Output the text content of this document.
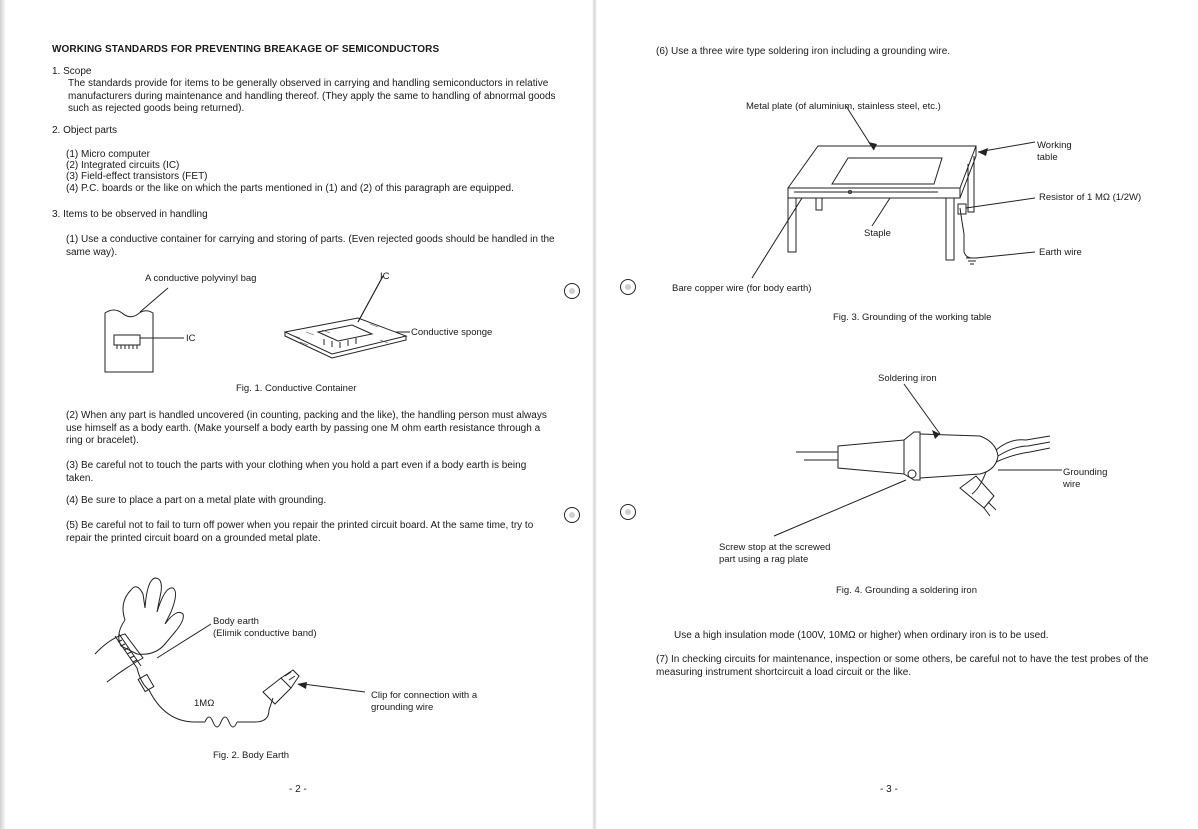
WORKING STANDARDS FOR PREVENTING BREAKAGE OF SEMICONDUCTORS

1. Scope

The standards provide for items to be generally observed in carrying and handling semiconductors in relative manufacturers during maintenance and handling thereof. (They apply the same to handling of abnormal goods such as rejected goods being returned).

2. Object parts

(1) Micro computer

(2) Integrated circuits (IC)

(3) Field-effect transistors (FET)

(4) P.C. boards or the like on which the parts mentioned in (1) and (2) of this paragraph are equipped.

3. Items to be observed in handling

(1) Use a conductive container for carrying and storing of parts. (Even rejected goods should be handled in the same way).

A conductive polyvinyl bag	IC

IC

Conductive sponge

Fig. 1. Conductive Container

(2) When any part is handled uncovered (in counting, packing and the like), the handling person must always use himself as a body earth. (Make yourself a body earth by passing one M ohm earth resistance through a ring or bracelet).

(3) Be careful not to touch the parts with your clothing when you hold a part even if a body earth is being taken.

(4) Be sure to place a part on a metal plate with grounding.

(5) Be careful not to fail to turn off power when you repair the printed circuit board. At the same time, try to repair the printed circuit board on a grounded metal plate.

Body earth

(Elimik conductive band)

1MΩ

Clip for connection with a

grounding wire

Fig. 2. Body Earth

- 2 -

(6) Use a three wire type soldering iron including a grounding wire.

Metal plate (of aluminium, stainless steel, etc.)

Working

table

Resistor of 1 MΩ (1/2W)

Staple

Earth wire

Bare copper wire (for body earth)

Fig. 3. Grounding of the working table

Soldering iron

Grounding

wire

Screw stop at the screwed

part using a rag plate

Fig. 4. Grounding a soldering iron

Use a high insulation mode (100V, 10MΩ or higher) when ordinary iron is to be used.

(7) In checking circuits for maintenance, inspection or some others, be careful not to have the test probes of the measuring instrument shortcircuit a load circuit or the like.

- 3 -
